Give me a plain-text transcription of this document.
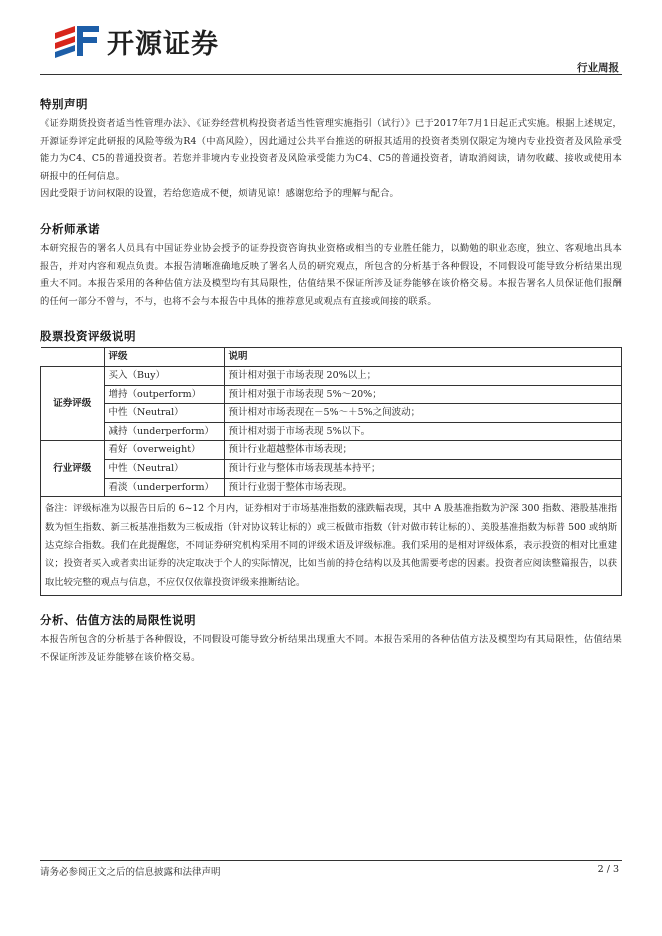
开源证券
行业周报
特别声明

《证券期货投资者适当性管理办法》、《证券经营机构投资者适当性管理实施指引（试行）》已于2017年7月1日起正式实施。根据上述规定，开源证券评定此研报的风险等级为R4（中高风险），因此通过公共平台推送的研报其适用的投资者类别仅限定为境内专业投资者及风险承受能力为C4、C5的普通投资者。若您并非境内专业投资者及风险承受能力为C4、C5的普通投资者，请取消阅读，请勿收藏、接收或使用本研报中的任何信息。

因此受限于访问权限的设置，若给您造成不便，烦请见谅！感谢您给予的理解与配合。

分析师承诺

本研究报告的署名人员具有中国证券业协会授予的证券投资咨询执业资格或相当的专业胜任能力，以勤勉的职业态度，独立、客观地出具本报告，并对内容和观点负责。本报告清晰准确地反映了署名人员的研究观点，所包含的分析基于各种假设，不同假设可能导致分析结果出现重大不同。本报告采用的各种估值方法及模型均有其局限性，估值结果不保证所涉及证券能够在该价格交易。本报告署名人员保证他们报酬的任何一部分不曾与，不与，也将不会与本报告中具体的推荐意见或观点有直接或间接的联系。

股票投资评级说明
	评级	说明
证券评级	买入（Buy）	预计相对强于市场表现 20%以上；
	增持（outperform）	预计相对强于市场表现 5%～20%；
	中性（Neutral）	预计相对市场表现在－5%～＋5%之间波动；
	减持（underperform）	预计相对弱于市场表现 5%以下。
行业评级	看好（overweight）	预计行业超越整体市场表现；
	中性（Neutral）	预计行业与整体市场表现基本持平；
	看淡（underperform）	预计行业弱于整体市场表现。
备注：评级标准为以报告日后的 6~12 个月内，证券相对于市场基准指数的涨跌幅表现，其中 A 股基准指数为沪深 300 指数、港股基准指数为恒生指数、新三板基准指数为三板成指（针对协议转让标的）或三板做市指数（针对做市转让标的）、美股基准指数为标普 500 或纳斯达克综合指数。我们在此提醒您，不同证券研究机构采用不同的评级术语及评级标准。我们采用的是相对评级体系，表示投资的相对比重建议；投资者买入或者卖出证券的决定取决于个人的实际情况，比如当前的持仓结构以及其他需要考虑的因素。投资者应阅读整篇报告，以获取比较完整的观点与信息，不应仅仅依靠投资评级来推断结论。		
分析、估值方法的局限性说明

本报告所包含的分析基于各种假设，不同假设可能导致分析结果出现重大不同。本报告采用的各种估值方法及模型均有其局限性，估值结果不保证所涉及证券能够在该价格交易。

请务必参阅正文之后的信息披露和法律声明	2 / 3
